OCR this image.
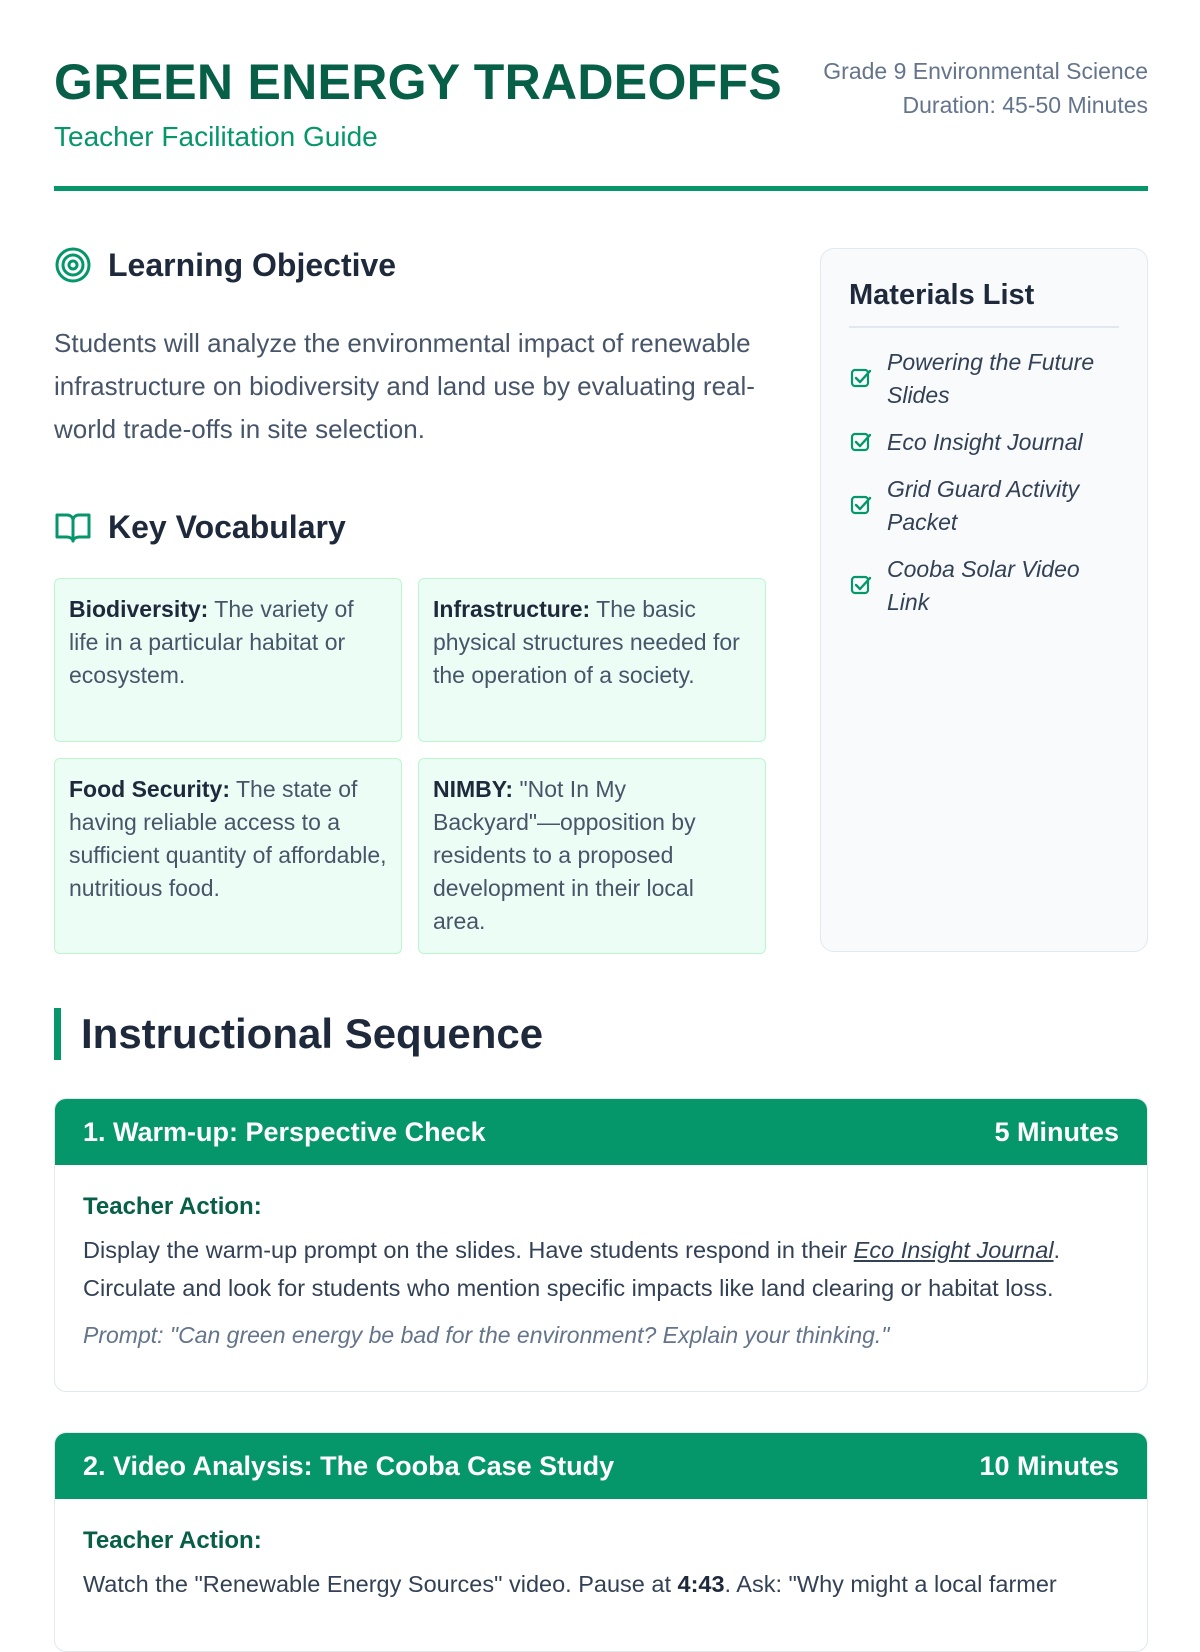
GREEN ENERGY TRADEOFFS
Teacher Facilitation Guide
Grade 9 Environmental Science
Duration: 45-50 Minutes
Learning Objective

Students will analyze the environmental impact of renewable infrastructure on biodiversity and land use by evaluating real-world trade-offs in site selection.

Key Vocabulary
Biodiversity: The variety of life in a particular habitat or ecosystem.
Infrastructure: The basic physical structures needed for the operation of a society.
Food Security: The state of having reliable access to a sufficient quantity of affordable, nutritious food.
NIMBY: "Not In My Backyard"—opposition by residents to a proposed development in their local area.
Materials List
Powering the Future Slides
Eco Insight Journal
Grid Guard Activity Packet
Cooba Solar Video Link
Instructional Sequence
1. Warm-up: Perspective Check	5 Minutes

Teacher Action:

Display the warm-up prompt on the slides. Have students respond in their Eco Insight Journal. Circulate and look for students who mention specific impacts like land clearing or habitat loss.

Prompt: "Can green energy be bad for the environment? Explain your thinking."

2. Video Analysis: The Cooba Case Study	10 Minutes

Teacher Action:

Watch the "Renewable Energy Sources" video. Pause at 4:43. Ask: "Why might a local farmer
